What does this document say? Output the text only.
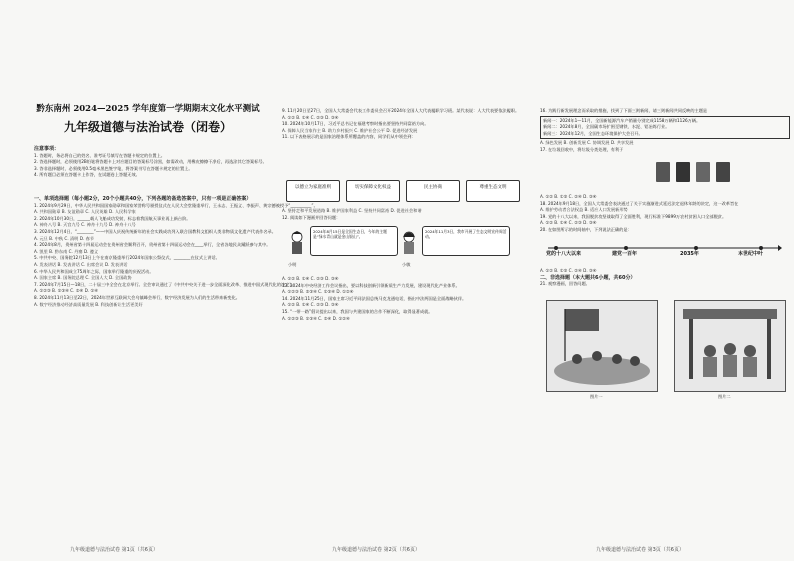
黔东南州 2024—2025 学年度第一学期期末文化水平测试
九年级道德与法治试卷（闭卷）
注意事项：
1. 答题时，务必将自己的姓名、准考证号填写在答题卡规定的位置上。
2. 答选择题时，必须使用2B铅笔将答题卡上对应题目的答案标号涂黑，如需改动，用橡皮擦擦干净后，再选涂其它答案标号。
3. 答非选择题时，必须使用0.5毫米黑色签字笔，将答案书写在答题卡规定的位置上。
4. 所有题目必须在答题卡上作答，在试题卷上答题无效。
一、单项选择题（每小题2分，20个小题共40分，下列各题的备选答案中，只有一项是正确答案）
1. 2024年9月29日，中华人民共和国国家勋章和国家荣誉称号颁授仪式在人民大会堂隆重举行，王永志、王振义、李振声、黄宗德被授予“__________”。
A. 共和国勋章 B. 友谊勋章 C. 人民英雄 D. 人民科学家
2. 2024年10月30日，______载人飞船成功发射，标志着我国航天事业再上新台阶。
A. 神舟八号 B. 天宫九号 C. 神舟十九号 D. 神舟十八号
3. 2024年12月4日，“________”——中国人庆祝传统新年的社会实践成功列入联合国教科文组织人类非物质文化遗产代表作名录。
A. 元旦 B. 中秋 C. 清明 D. 春节
4. 2024年8月，贵州省第十四届运动会在贵州省会顺利召开，贵州省第十四届运动会在____举行，全省各地民众踊跃参与其中。
A. 凯里 B. 黔东南 C. 丹寨 D. 遵义
5. 中共中央、国务院12月13日上午在南京隆重举行2024年国家公祭仪式，________在仪式上讲话。
A. 发表讲话 B. 发表讲话 C. 出席会议 D. 发表讲话
6. 中华人民共和国成立75周年之际，国家举行隆重的庆祝活动。
A. 国家主席 B. 国务院总理 C. 全国人大 D. 全国政协
7. 2024年7月15日—18日，二十届三中全会在北京举行。全会审议通过了《中共中央关于进一步全面深化改革、推进中国式现代化的决定》。
A. ①②③ B. ①③④ C. ②④ D. ①④
8. 2024年11月13日至22日，2024年世界互联网大会乌镇峰会举行，数字经济发展为人们的生活带来新变化。
A. 数字经济推动经济高质量发展 B. 科技创新让生活更美好
九年级道德与法治试卷 第1页（共6页）
9. 11月20日至27日，全国人大常委会代表工作委员会召开2024年全国人大代表履职学习班。某代表说：人大代表要依法履职。
A. ①② B. ①④ C. ②③ D. ③④
10. 2024年10月17日，习近平总书记在福建考察时指出要坚持共同富裕方向。
A. 保障人民当家作主 B. 助力乡村振兴 C. 维护社会公平 D. 促进经济发展
11. 以下表格展示的是国家治理体系所覆盖的内容，同学们从中领会到：
以德立为家庭准则	切实保障文化权益	民主协商	尊重生态文明
A. 坚持走和平发展道路 B. 维护国家利益 C. 坚持共同富裕 D. 促进社会和谐
12. 阅读如下漫画并回答问题：
2024年8月15日是全国生态日，今年的主题是“绿水青山就是金山银山”。
2024年11月3日，我市开展了生态文明宣传周活动。
小明	小敏
A. ①② B. ①④ C. ②③ D. ③④
13. 2024年中央经济工作会议指出，要以科技创新引领新质生产力发展，建设现代化产业体系。
A. ①②③ B. ②③④ C. ①③④ D. ①②④
14. 2024年11月25日，国家主席习近平同法国总统马克龙通电话，指出中法两国是全面战略伙伴。
A. ①② B. ①④ C. ②③ D. ③④
15. “一带一路”倡议提出以来，我国与共建国家的合作不断深化，取得显著成就。
A. ①②③ B. ①③④ C. ②④ D. ①②④
九年级道德与法治试卷 第2页（共6页）
16. 为践行新发展理念而采取的措施，找到了下面三则新闻，请三则新闻共同反映的主题是
新闻一：2024年1—11月，全国新能源汽车产销量分别完成1158万辆和1126万辆。
新闻二：2024年8月，全国碳市场扩围至钢铁、水泥、铝冶炼行业。
新闻三：2024年12月，全国生态环境保护大会召开。
A. 绿色发展 B. 创新发展 C. 协调发展 D. 共享发展
17. 在垃圾回收中，将垃圾分类处理，有利于
A. ①② B. ①③ C. ②④ D. ③④
18. 2024年9月18日，全国人大常委会表决通过了关于实施渐进式延迟法定退休年龄的决定，这一改革旨在
A. 维护劳动者合法权益 B. 适应人口发展新形势
19. 党的十八大以来，我国脱贫攻坚战取得了全面胜利，现行标准下9899万农村贫困人口全部脱贫。
A. ①② B. ①④ C. ②③ D. ③④
20. 在如图所示的时间轴中，下列说法正确的是：
党的十八大以来	建党一百年	2035年	本世纪中叶
A. ①② B. ①③ C. ②④ D. ③④
二、非选择题（本大题共6小题，共60分）
21. 观察漫画，回答问题。
图片一	图片二
九年级道德与法治试卷 第3页（共6页）
